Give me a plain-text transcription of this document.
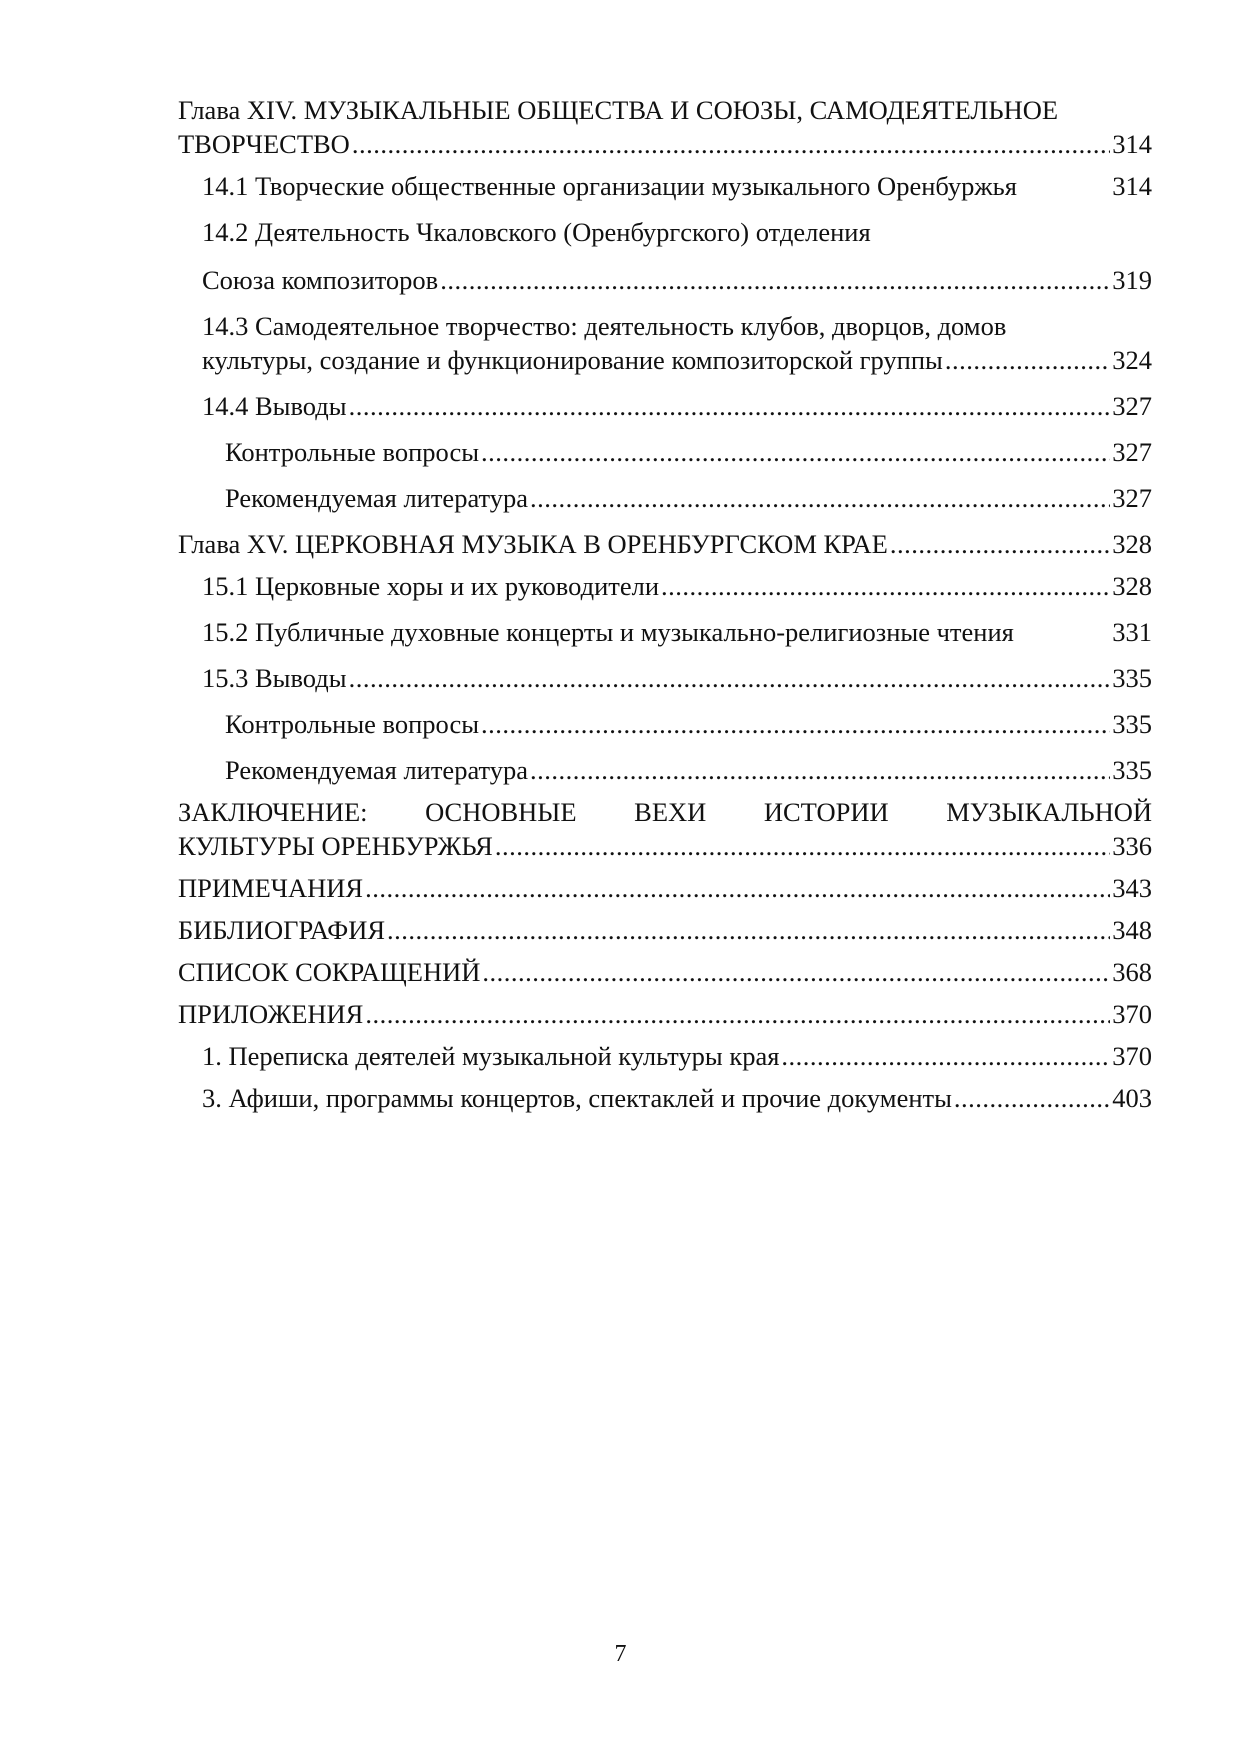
Глава XIV. МУЗЫКАЛЬНЫЕ ОБЩЕСТВА И СОЮЗЫ, САМОДЕЯТЕЛЬНОЕ
ТВОРЧЕСТВО .....	314
14.1 Творческие общественные организации музыкального Оренбуржья	314
14.2 Деятельность Чкаловского (Оренбургского) отделения
Союза композиторов .....	319
14.3 Самодеятельное творчество: деятельность клубов, дворцов, домов
культуры, создание и функционирование композиторской группы .....	324
14.4 Выводы .....	327
Контрольные вопросы .....	327
Рекомендуемая литература .....	327
Глава XV. ЦЕРКОВНАЯ МУЗЫКА В ОРЕНБУРГСКОМ КРАЕ .....	328
15.1 Церковные хоры и их руководители .....	328
15.2 Публичные духовные концерты и музыкально-религиозные чтения	331
15.3 Выводы .....	335
Контрольные вопросы .....	335
Рекомендуемая литература .....	335
ЗАКЛЮЧЕНИЕ: ОСНОВНЫЕ ВЕХИ ИСТОРИИ МУЗЫКАЛЬНОЙ
КУЛЬТУРЫ ОРЕНБУРЖЬЯ .....	336
ПРИМЕЧАНИЯ .....	343
БИБЛИОГРАФИЯ .....	348
СПИСОК СОКРАЩЕНИЙ .....	368
ПРИЛОЖЕНИЯ .....	370
1. Переписка деятелей музыкальной культуры края .....	370
3. Афиши, программы концертов, спектаклей и прочие документы .....	403
7
